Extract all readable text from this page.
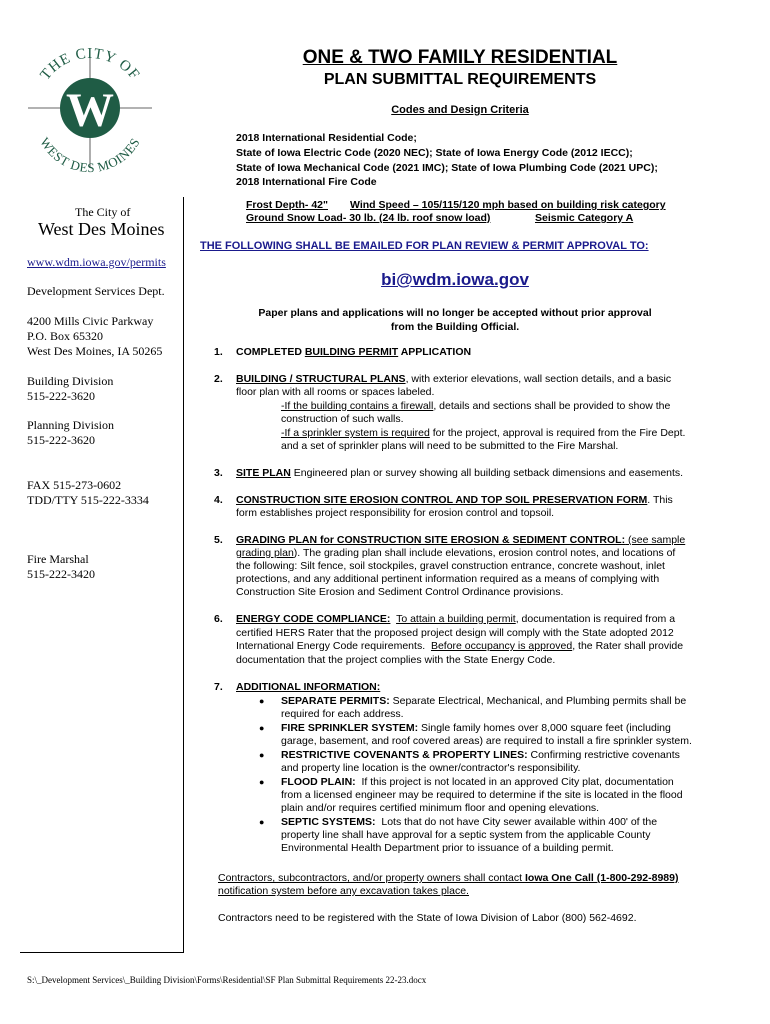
W
THE CITY OF
WEST DES MOINES
The City of
West Des Moines
www.wdm.iowa.gov/permits
Development Services Dept.
4200 Mills Civic Parkway
P.O. Box 65320
West Des Moines, IA 50265
Building Division
515-222-3620
Planning Division
515-222-3620
FAX 515-273-0602
TDD/TTY 515-222-3334
Fire Marshal
515-222-3420
ONE & TWO FAMILY RESIDENTIAL
PLAN SUBMITTAL REQUIREMENTS
Codes and Design Criteria
2018 International Residential Code;
State of Iowa Electric Code (2020 NEC); State of Iowa Energy Code (2012 IECC);
State of Iowa Mechanical Code (2021 IMC); State of Iowa Plumbing Code (2021 UPC);
2018 International Fire Code
Frost Depth- 42" Wind Speed – 105/115/120 mph based on building risk category
Ground Snow Load- 30 lb. (24 lb. roof snow load)	Seismic Category A
THE FOLLOWING SHALL BE EMAILED FOR PLAN REVIEW & PERMIT APPROVAL TO:
bi@wdm.iowa.gov
Paper plans and applications will no longer be accepted without prior approval
from the Building Official.
1. COMPLETED BUILDING PERMIT APPLICATION
2. BUILDING / STRUCTURAL PLANS, with exterior elevations, wall section details, and a basic
floor plan with all rooms or spaces labeled.
-If the building contains a firewall, details and sections shall be provided to show the
construction of such walls.
-If a sprinkler system is required for the project, approval is required from the Fire Dept.
and a set of sprinkler plans will need to be submitted to the Fire Marshal.
3. SITE PLAN Engineered plan or survey showing all building setback dimensions and easements.
4. CONSTRUCTION SITE EROSION CONTROL AND TOP SOIL PRESERVATION FORM. This
form establishes project responsibility for erosion control and topsoil.
5. GRADING PLAN for CONSTRUCTION SITE EROSION & SEDIMENT CONTROL: (see sample
grading plan). The grading plan shall include elevations, erosion control notes, and locations of
the following: Silt fence, soil stockpiles, gravel construction entrance, concrete washout, inlet
protections, and any additional pertinent information required as a means of complying with
Construction Site Erosion and Sediment Control Ordinance provisions.
6. ENERGY CODE COMPLIANCE: To attain a building permit, documentation is required from a
certified HERS Rater that the proposed project design will comply with the State adopted 2012
International Energy Code requirements.  Before occupancy is approved, the Rater shall provide
documentation that the project complies with the State Energy Code.
7. ADDITIONAL INFORMATION:
● SEPARATE PERMITS: Separate Electrical, Mechanical, and Plumbing permits shall be
required for each address.
● FIRE SPRINKLER SYSTEM: Single family homes over 8,000 square feet (including
garage, basement, and roof covered areas) are required to install a fire sprinkler system.
● RESTRICTIVE COVENANTS & PROPERTY LINES: Confirming restrictive covenants
and property line location is the owner/contractor's responsibility.
● FLOOD PLAIN:  If this project is not located in an approved City plat, documentation
from a licensed engineer may be required to determine if the site is located in the flood
plain and/or requires certified minimum floor and opening elevations.
● SEPTIC SYSTEMS:  Lots that do not have City sewer available within 400' of the
property line shall have approval for a septic system from the applicable County
Environmental Health Department prior to issuance of a building permit.
Contractors, subcontractors, and/or property owners shall contact Iowa One Call (1-800-292-8989)
notification system before any excavation takes place.
Contractors need to be registered with the State of Iowa Division of Labor (800) 562-4692.
S:\_Development Services\_Building Division\Forms\Residential\SF Plan Submittal Requirements 22-23.docx
